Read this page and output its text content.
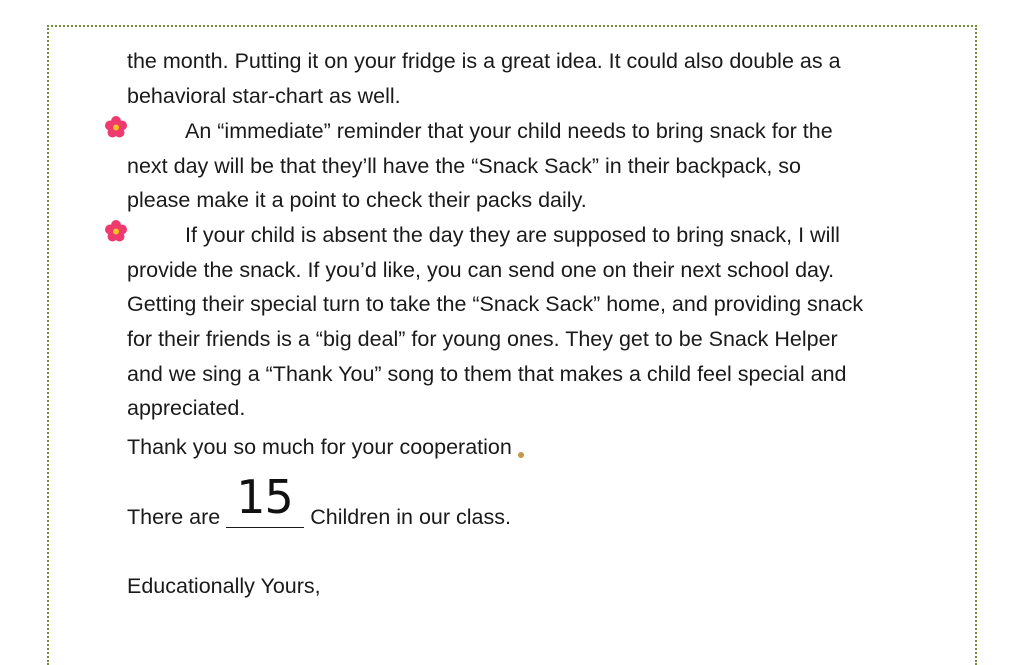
the month. Putting it on your fridge is a great idea. It could also double as a
behavioral star-chart as well.
An “immediate” reminder that your child needs to bring snack for the
next day will be that they’ll have the “Snack Sack” in their backpack, so
please make it a point to check their packs daily.
If your child is absent the day they are supposed to bring snack, I will
provide the snack. If you’d like, you can send one on their next school day.
Getting their special turn to take the “Snack Sack” home, and providing snack
for their friends is a “big deal” for young ones. They get to be Snack Helper
and we sing a “Thank You” song to them that makes a child feel special and
appreciated.
Thank you so much for your cooperation
There are 15 Children in our class.
Educationally Yours,
